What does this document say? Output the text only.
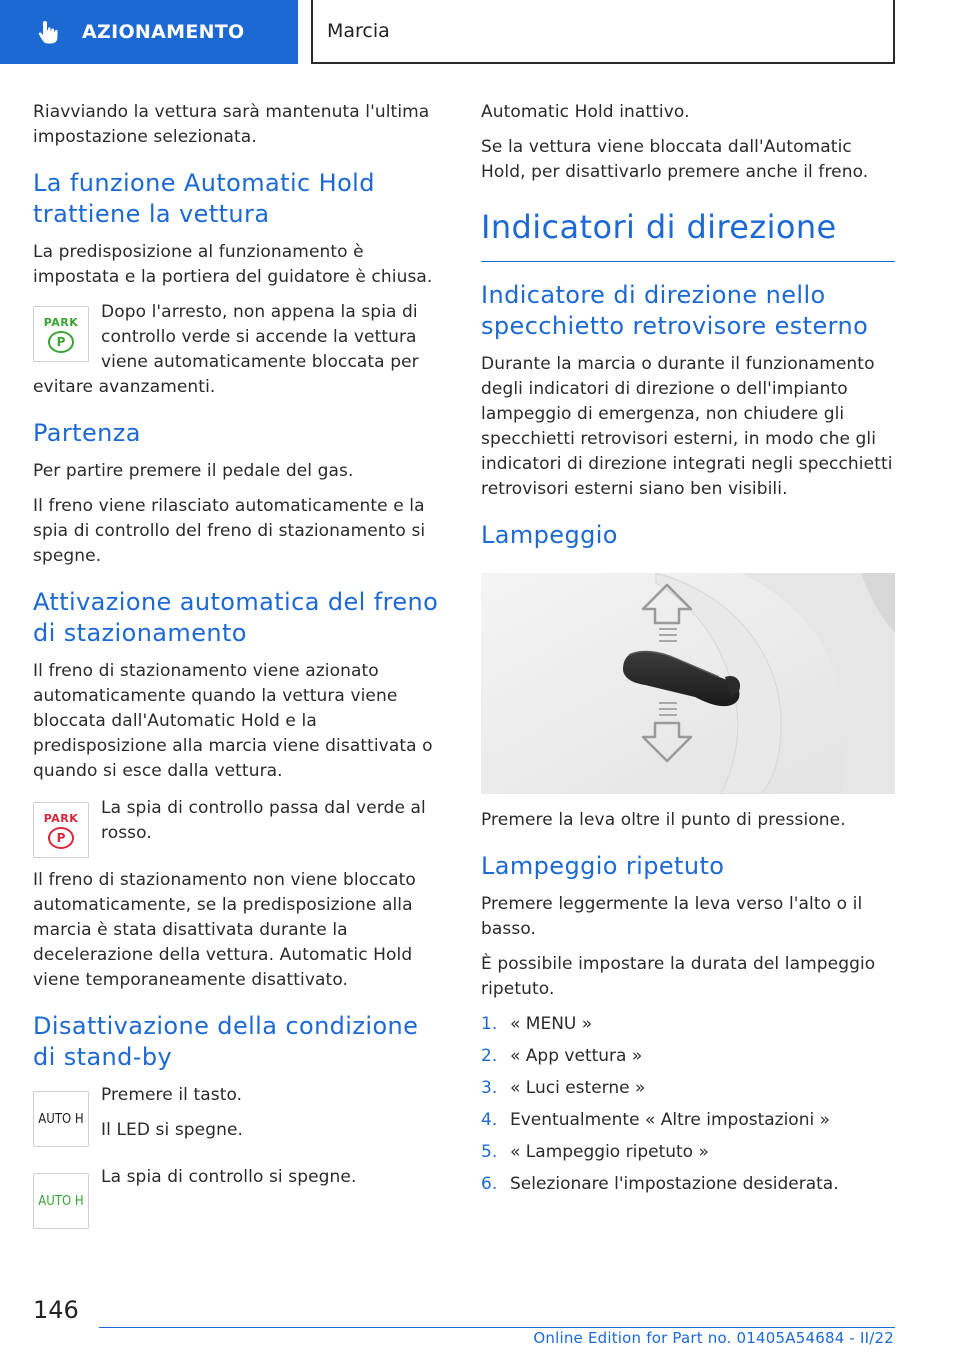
AZIONAMENTO	Marcia

Riavviando la vettura sarà mantenuta l'ultima impostazione selezionata.

La funzione Automatic Hold trattiene la vettura

La predisposizione al funzionamento è impostata e la portiera del guidatore è chiusa.

PARK
P

Dopo l'arresto, non appena la spia di controllo verde si accende la vettura viene automaticamente bloccata per evitare avanzamenti.

Partenza

Per partire premere il pedale del gas.

Il freno viene rilasciato automaticamente e la spia di controllo del freno di stazionamento si spegne.

Attivazione automatica del freno di stazionamento

Il freno di stazionamento viene azionato automaticamente quando la vettura viene bloccata dall'Automatic Hold e la predisposizione alla marcia viene disattivata o quando si esce dalla vettura.

PARK
P

La spia di controllo passa dal verde al rosso.

Il freno di stazionamento non viene bloccato automaticamente, se la predisposizione alla marcia è stata disattivata durante la decelerazione della vettura. Automatic Hold viene temporaneamente disattivato.

Disattivazione della condizione di stand-by
AUTO H

Premere il tasto.

Il LED si spegne.

AUTO H

La spia di controllo si spegne.

Automatic Hold inattivo.

Se la vettura viene bloccata dall'Automatic Hold, per disattivarlo premere anche il freno.

Indicatori di direzione
Indicatore di direzione nello specchietto retrovisore esterno

Durante la marcia o durante il funzionamento degli indicatori di direzione o dell'impianto lampeggio di emergenza, non chiudere gli specchietti retrovisori esterni, in modo che gli indicatori di direzione integrati negli specchietti retrovisori esterni siano ben visibili.

Lampeggio

Premere la leva oltre il punto di pressione.

Lampeggio ripetuto

Premere leggermente la leva verso l'alto o il basso.

È possibile impostare la durata del lampeggio ripetuto.

1. « MENU »
2. « App vettura »
3. « Luci esterne »
4. Eventualmente « Altre impostazioni »
5. « Lampeggio ripetuto »
6. Selezionare l'impostazione desiderata.
146
Online Edition for Part no. 01405A54684 - II/22
